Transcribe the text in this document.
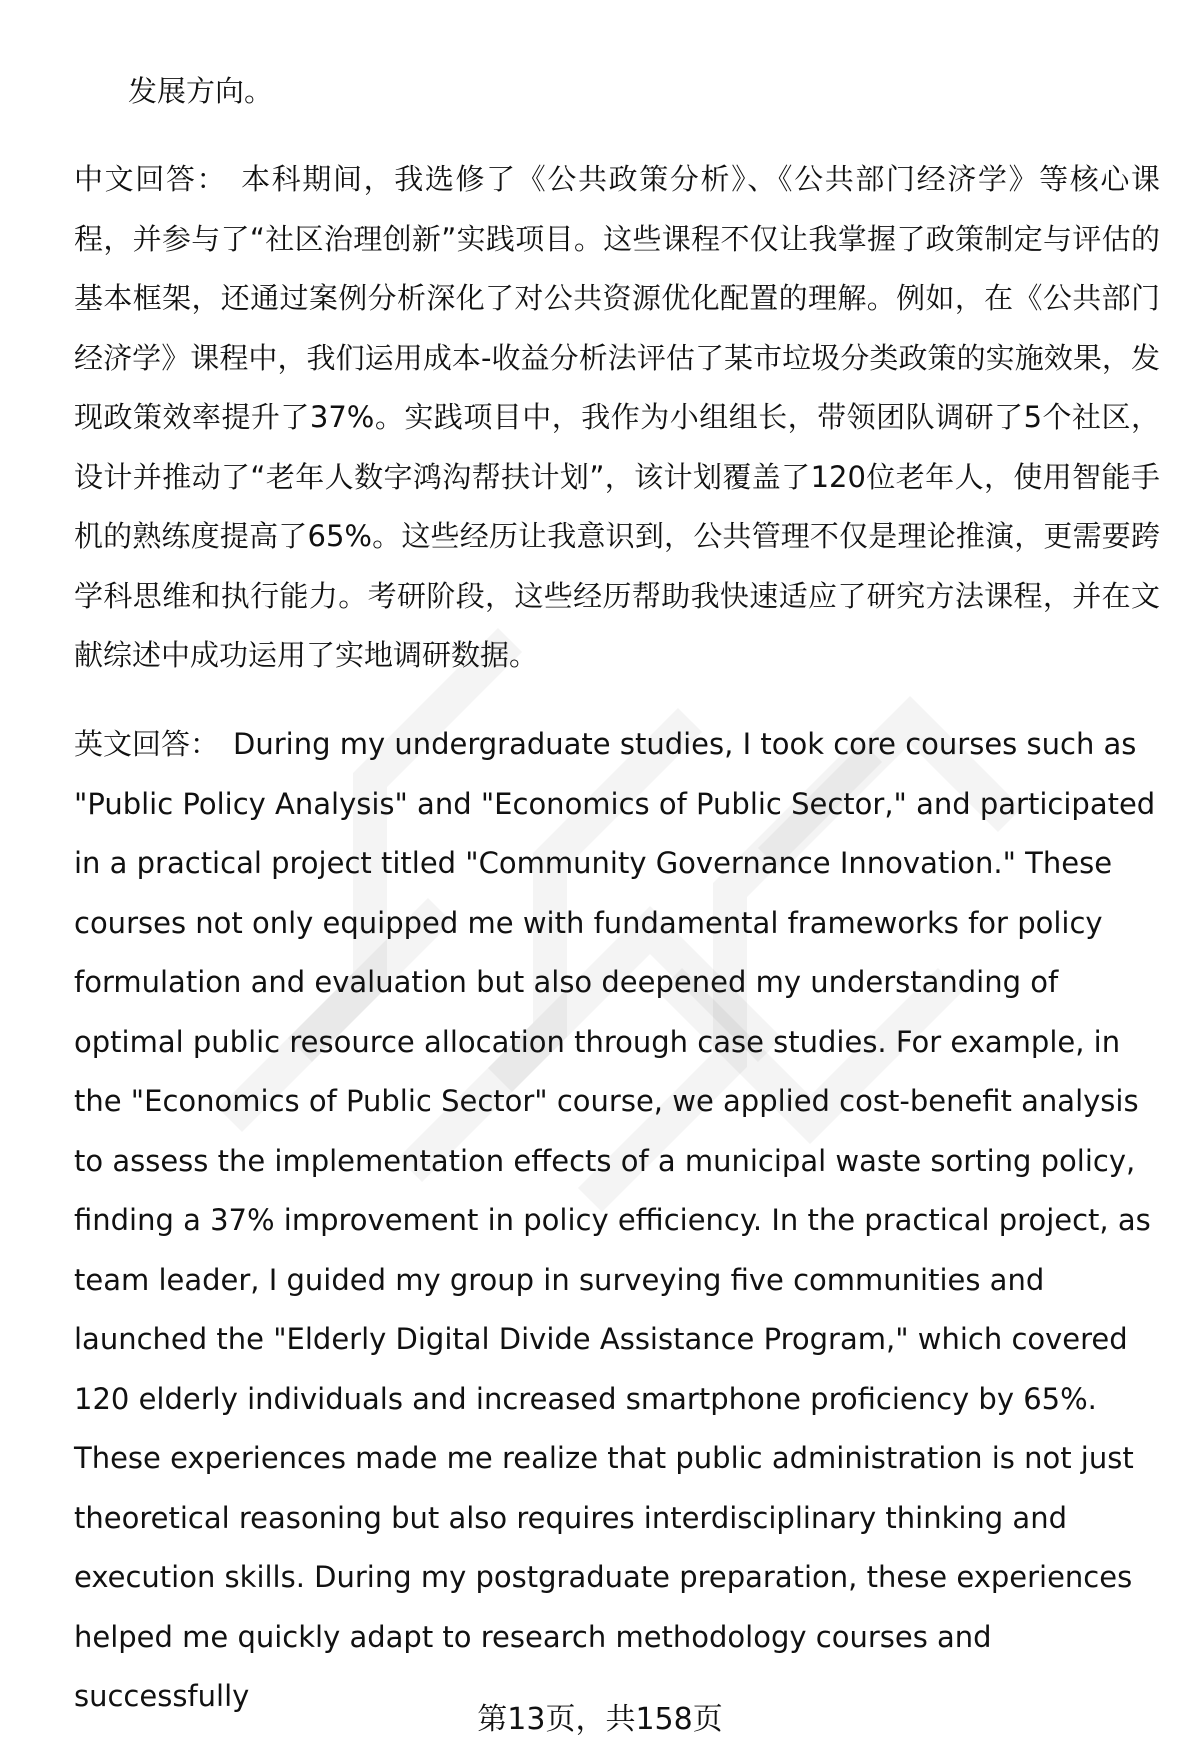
发展方向。

中文回答： 本科期间，我选修了《公共政策分析》、《公共部门经济学》等核心课程，并参与了“社区治理创新”实践项目。这些课程不仅让我掌握了政策制定与评估的基本框架，还通过案例分析深化了对公共资源优化配置的理解。例如，在《公共部门经济学》课程中，我们运用成本-收益分析法评估了某市垃圾分类政策的实施效果，发现政策效率提升了37%。实践项目中，我作为小组组长，带领团队调研了5个社区，设计并推动了“老年人数字鸿沟帮扶计划”，该计划覆盖了120位老年人，使用智能手机的熟练度提高了65%。这些经历让我意识到，公共管理不仅是理论推演，更需要跨学科思维和执行能力。考研阶段，这些经历帮助我快速适应了研究方法课程，并在文献综述中成功运用了实地调研数据。

英文回答： During my undergraduate studies, I took core courses such as "Public Policy Analysis" and "Economics of Public Sector," and participated in a practical project titled "Community Governance Innovation." These courses not only equipped me with fundamental frameworks for policy formulation and evaluation but also deepened my understanding of optimal public resource allocation through case studies. For example, in the "Economics of Public Sector" course, we applied cost-benefit analysis to assess the implementation effects of a municipal waste sorting policy, finding a 37% improvement in policy efficiency. In the practical project, as team leader, I guided my group in surveying five communities and launched the "Elderly Digital Divide Assistance Program," which covered 120 elderly individuals and increased smartphone proficiency by 65%. These experiences made me realize that public administration is not just theoretical reasoning but also requires interdisciplinary thinking and execution skills. During my postgraduate preparation, these experiences helped me quickly adapt to research methodology courses and successfully

第13页，共158页
